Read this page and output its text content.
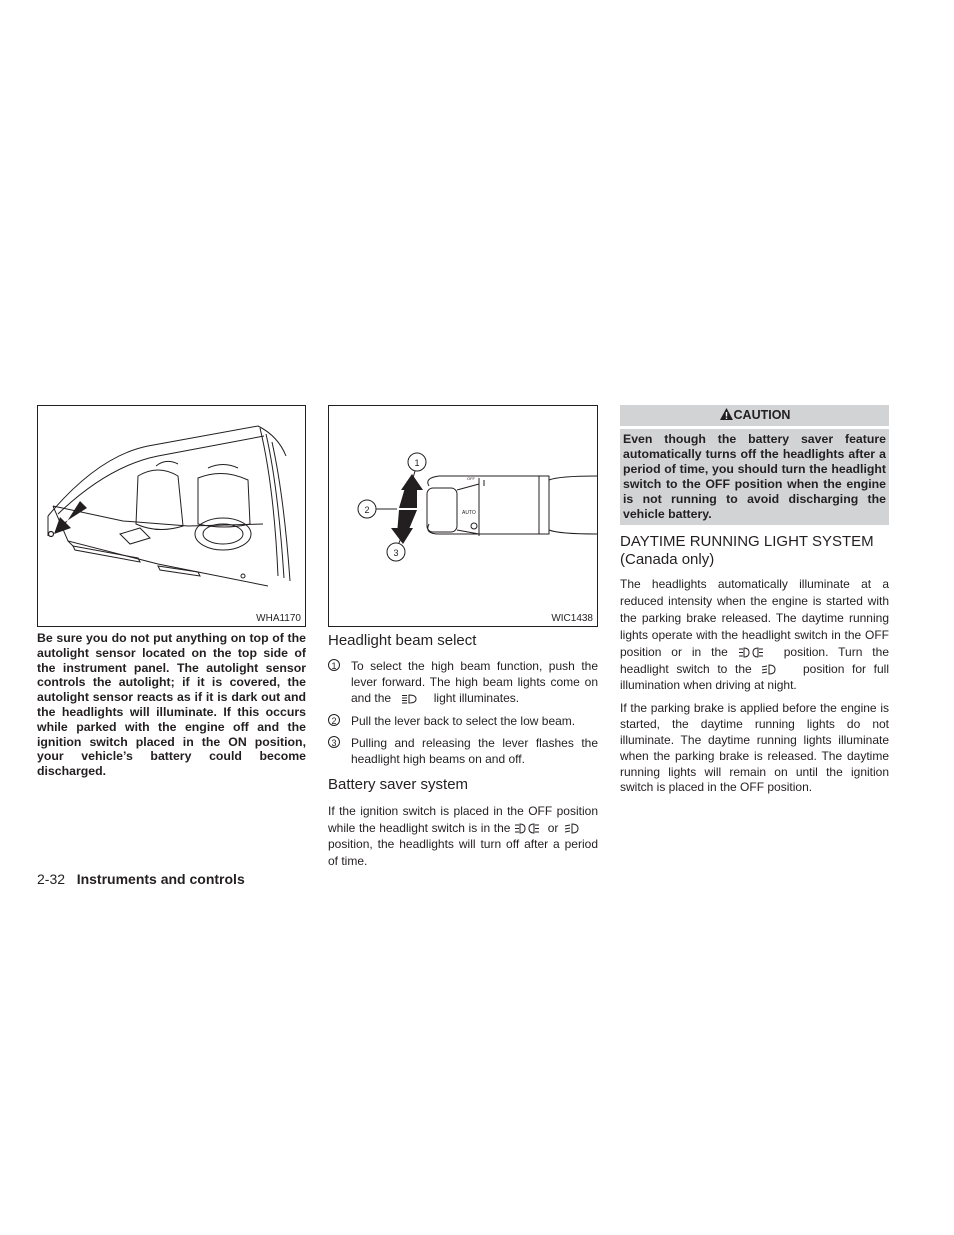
WHA1170
AUTO
OFF
1
2
3
WIC1438

Be sure you do not put anything on top of the autolight sensor located on the top side of the instrument panel. The autolight sensor controls the autolight; if it is covered, the autolight sensor reacts as if it is dark out and the headlights will illuminate. If this occurs while parked with the engine off and the ignition switch placed in the ON position, your vehicle’s battery could become discharged.

Headlight beam select
1 To select the high beam function, push the lever forward. The high beam lights come on and the	light illuminates.
2 Pull the lever back to select the low beam.
3 Pulling and releasing the lever flashes the headlight high beams on and off.
Battery saver system

If the ignition switch is placed in the OFF position while the headlight switch is in the	or  position, the headlights will turn off after a period of time.

CAUTION
Even though the battery saver feature automatically turns off the headlights after a period of time, you should turn the headlight switch to the OFF position when the engine is not running to avoid discharging the vehicle battery.
DAYTIME RUNNING LIGHT SYSTEM
(Canada only)

The headlights automatically illuminate at a reduced intensity when the engine is started with the parking brake released. The daytime running lights operate with the headlight switch in the OFF position or in the	position. Turn the headlight switch to the	position for full illumination when driving at night.

If the parking brake is applied before the engine is started, the daytime running lights do not illuminate. The daytime running lights illuminate when the parking brake is released. The daytime running lights will remain on until the ignition switch is placed in the OFF position.

2-32 Instruments and controls
